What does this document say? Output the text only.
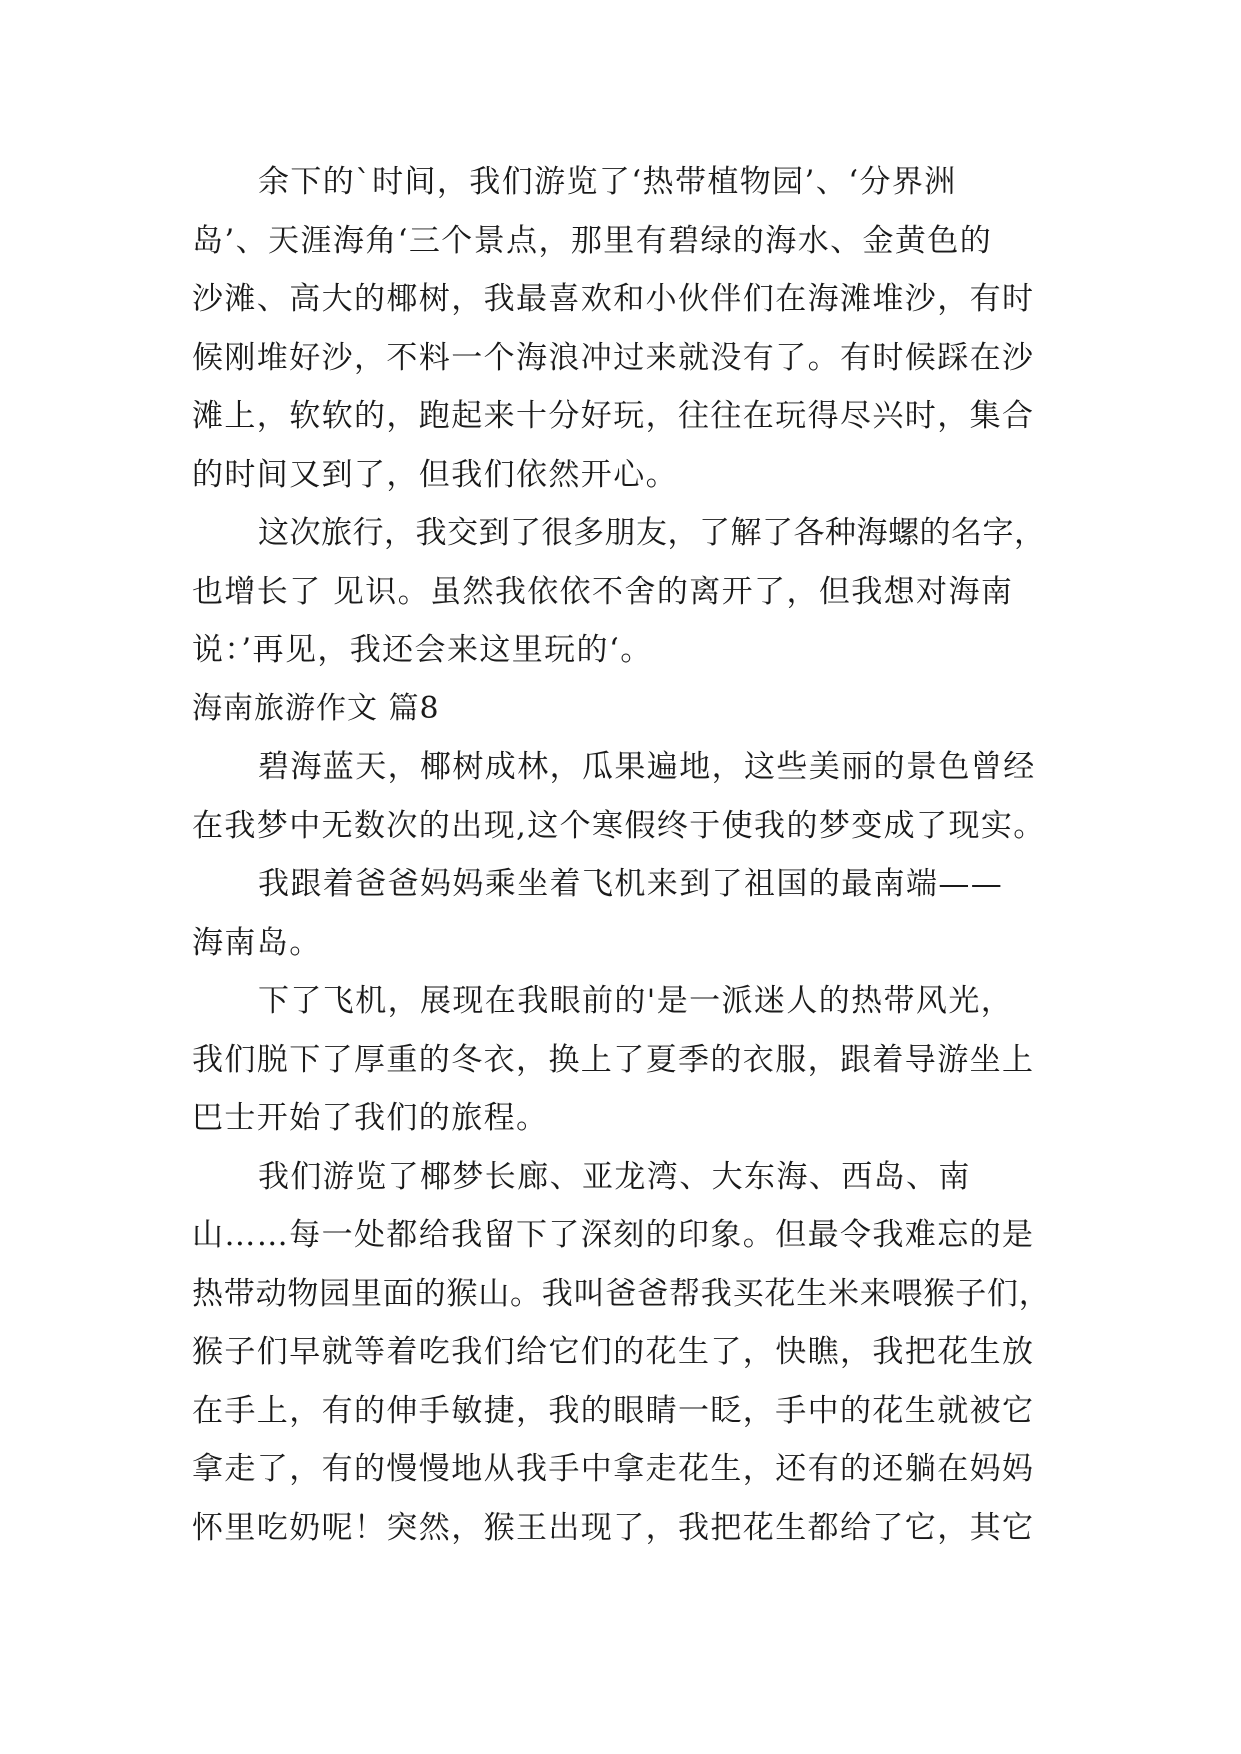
余下的`时间，我们游览了‘热带植物园’、‘分界洲
岛’、天涯海角‘三个景点，那里有碧绿的海水、金黄色的
沙滩、高大的椰树，我最喜欢和小伙伴们在海滩堆沙，有时
候刚堆好沙，不料一个海浪冲过来就没有了。有时候踩在沙
滩上，软软的，跑起来十分好玩，往往在玩得尽兴时，集合
的时间又到了，但我们依然开心。
这次旅行，我交到了很多朋友，了解了各种海螺的名字，
也增长了 见识。虽然我依依不舍的离开了，但我想对海南
说：’再见，我还会来这里玩的‘。
海南旅游作文 篇8
碧海蓝天，椰树成林，瓜果遍地，这些美丽的景色曾经
在我梦中无数次的出现,这个寒假终于使我的梦变成了现实。
我跟着爸爸妈妈乘坐着飞机来到了祖国的最南端——
海南岛。
下了飞机，展现在我眼前的'是一派迷人的热带风光，
我们脱下了厚重的冬衣，换上了夏季的衣服，跟着导游坐上
巴士开始了我们的旅程。
我们游览了椰梦长廊、亚龙湾、大东海、西岛、南
山……每一处都给我留下了深刻的印象。但最令我难忘的是
热带动物园里面的猴山。我叫爸爸帮我买花生米来喂猴子们，
猴子们早就等着吃我们给它们的花生了，快瞧，我把花生放
在手上，有的伸手敏捷，我的眼睛一眨，手中的花生就被它
拿走了，有的慢慢地从我手中拿走花生，还有的还躺在妈妈
怀里吃奶呢！突然，猴王出现了，我把花生都给了它，其它
